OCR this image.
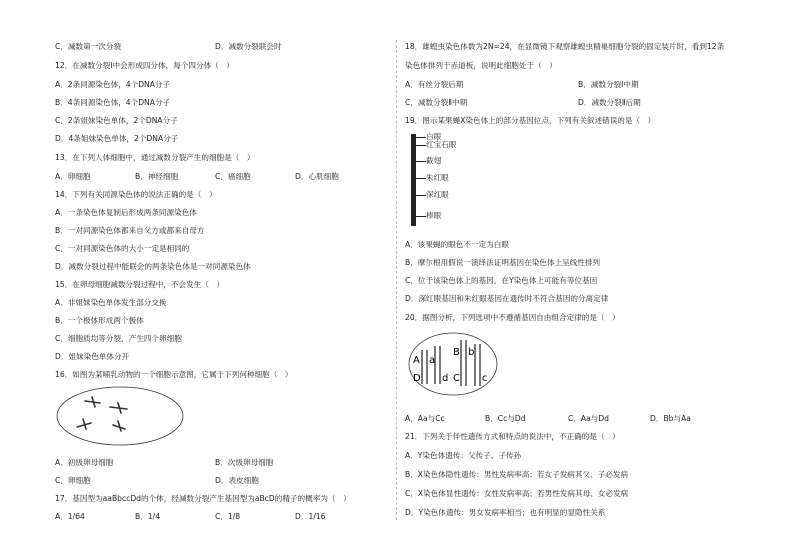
C．减数第一次分裂	D．减数分裂联会时
12．在减数分裂Ⅰ中会形成四分体，每个四分体（　）
A．2条同源染色体，4个DNA分子
B．4条同源染色体，4个DNA分子
C．2条姐妹染色单体，2个DNA分子
D．4条姐妹染色单体，2个DNA分子
13．在下列人体细胞中，通过减数分裂产生的细胞是（　）
A．卵细胞	B．神经细胞	C．癌细胞	D．心肌细胞
14．下列有关同源染色体的说法正确的是（　）
A．一条染色体复制后形成两条同源染色体
B．一对同源染色体都来自父方或都来自母方
C．一对同源染色体的大小一定是相同的
D．减数分裂过程中能联会的两条染色体是一对同源染色体
15．在卵母细胞减数分裂过程中，不会发生（　）
A．非姐妹染色单体发生部分交换
B．一个极体形成两个极体
C．细胞质均等分裂，产生四个卵细胞
D．姐妹染色单体分开
16．如图为某哺乳动物的一个细胞示意图，它属于下列何种细胞（　）
A．初级卵母细胞	B．次级卵母细胞
C．卵细胞	D．表皮细胞
17．基因型为aaBbccDd的个体，经减数分裂产生基因型为aBcD的精子的概率为（　）
A．1/64	B．1/4	C．1/8	D．1/16
18．雄蝗虫染色体数为2N=24，在显微镜下观察雄蝗虫精巢细胞分裂的固定装片时，看到12条
染色体排列于赤道板，说明此细胞处于（　）
A．有丝分裂后期	B．减数分裂Ⅰ中期
C．减数分裂Ⅱ中期	D．减数分裂Ⅱ后期
19．图示某果蝇X染色体上的部分基因位点，下列有关叙述错误的是（　）
白眼
红宝石眼
截翅
朱红眼
深红眼
棒眼
A．该果蝇的眼色不一定为白眼
B．摩尔根用假说一演绎法证明基因在染色体上呈线性排列
C．位于该染色体上的基因，在Y染色体上可能有等位基因
D．深红眼基因和朱红眼基因在遗传时不符合基因的分离定律
20．据图分析，下列选项中不遵循基因自由组合定律的是（　）
A a
D d
B b
C c
A．Aa与Cc	B．Cc与Dd	C．Aa与Dd	D．Bb与Aa
21．下列关于伴性遗传方式和特点的说法中，不正确的是（　）
A．Y染色体遗传：父传子、子传孙
B．X染色体隐性遗传：男性发病率高；若女子发病其父、子必发病
C．X染色体显性遗传：女性发病率高；若男性发病其母、女必发病
D．Y染色体遗传：男女发病率相当；也有明显的显隐性关系
